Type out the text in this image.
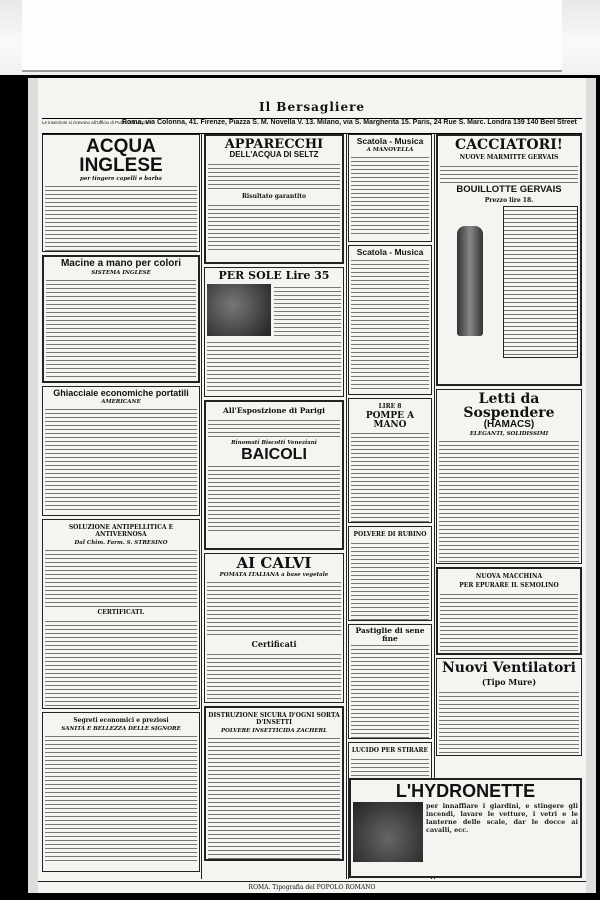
Il Bersagliere
Le inserzioni si ricevono all'Ufficio di Pubbl. OBLIEGHT Roma, via Colonna, 41. Firenze, Piazza S. M. Novella V. 13. Milano, via S. Margherita 15. Paris, 24 Rue S. Marc. Londra 139 140 Beel Street
ACQUA INGLESE
per tingere capelli e barba
Macine a mano per colori
SISTEMA INGLESE
Ghiacciaie economiche portatili
AMERICANE
SOLUZIONE ANTIPELLITICA E ANTIVERNOSA
Dal Chim. Farm. S. STRESINO
CERTIFICATI.
Segreti economici e preziosi
SANITÀ E BELLEZZA DELLE SIGNORE
APPARECCHI
DELL'ACQUA DI SELTZ
Risultato garantito
PER SOLE Lire 35
All'Esposizione di Parigi
Rinomati Biscotti Veneziani
BAICOLI
AI CALVI
POMATA ITALIANA a base vegetale
Certificati
DISTRUZIONE SICURA D'OGNI SORTA D'INSETTI
POLVERE INSETTICIDA ZACHERL
Scatola - Musica
A MANOVELLA
Scatola - Musica
LIRE 8
POMPE A MANO
POLVERE DI RUBINO
Pastiglie di sene fine
LUCIDO PER STIRARE
CACCIATORI!
NUOVE MARMITTE GERVAIS
BOUILLOTTE GERVAIS
Prezzo lire 18.
Letti da Sospendere
(HAMACS)
ELEGANTI, SOLIDISSIMI
NUOVA MACCHINA
PER EPURARE IL SEMOLINO
Nuovi Ventilatori
(Tipo Mure)
L'HYDRONETTE
per innaffiare i giardini, e stingere gli incendi, lavare le vetture, i vetri e le lanterne delle scale, dar le docce ai cavalli, ecc.
ROMA. Tipografia del POPOLO ROMANO
